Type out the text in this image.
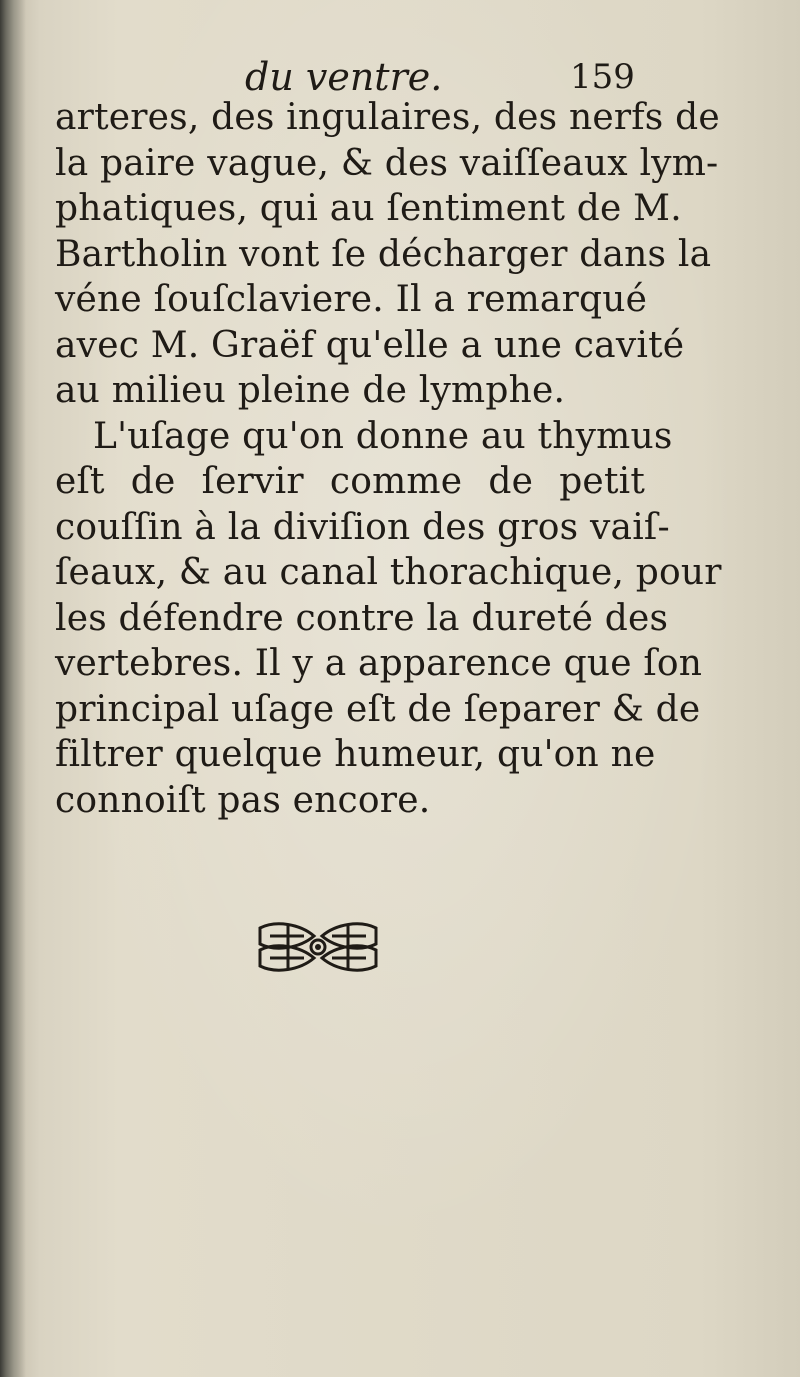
du ventre.	159
arteres, des ingulaires, des nerfs de
la paire vague, & des vaiſſeaux lym-
phatiques, qui au ſentiment de M.
Bartholin vont ſe décharger dans la
véne ſouſclaviere. Il a remarqué
avec M. Graëf qu'elle a une cavité
au milieu pleine de lymphe.
L'uſage qu'on donne au thymus
eſt de ſervir comme de petit
couſſin à la diviſion des gros vaiſ-
ſeaux, & au canal thorachique, pour
les défendre contre la dureté des
vertebres. Il y a apparence que ſon
principal uſage eſt de ſeparer & de
filtrer quelque humeur, qu'on ne
connoiſt pas encore.
